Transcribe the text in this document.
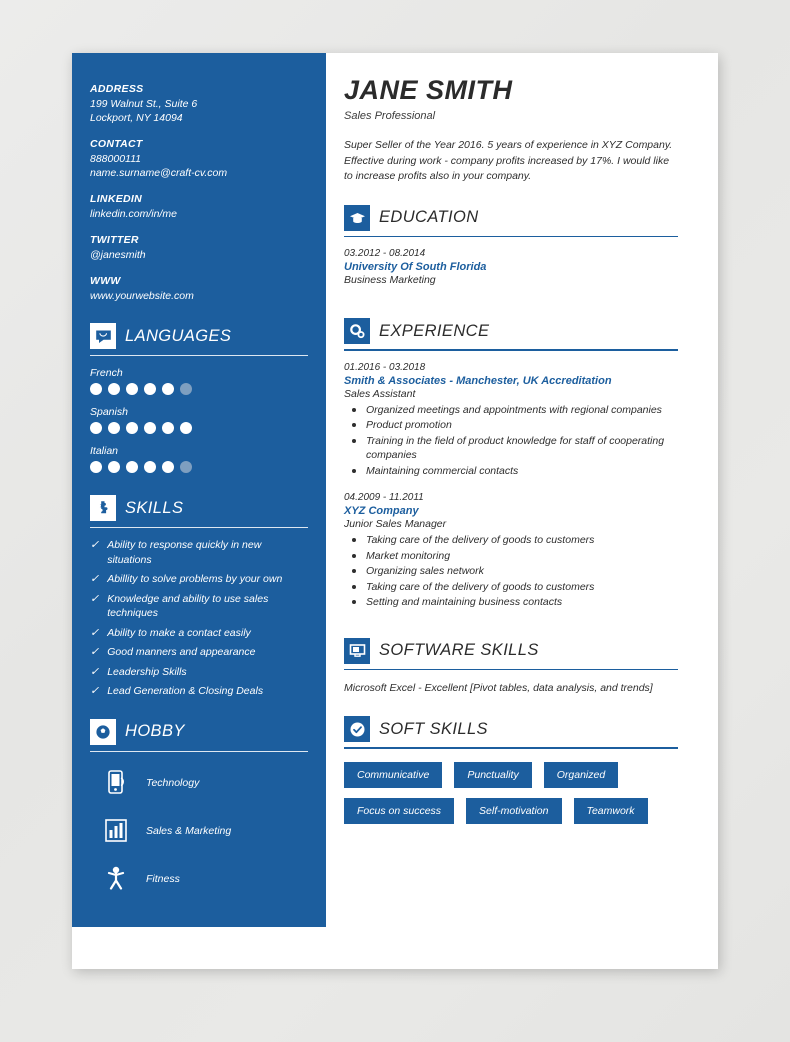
ADDRESS
199 Walnut St., Suite 6
Lockport, NY 14094
CONTACT
888000111
name.surname@craft-cv.com
LINKEDIN
linkedin.com/in/me
TWITTER
@janesmith
WWW
www.yourwebsite.com
LANGUAGES
French
Spanish
Italian
SKILLS
✓ Ability to response quickly in new situations
✓ Abillity to solve problems by your own
✓ Knowledge and ability to use sales techniques
✓ Ability to make a contact easily
✓ Good manners and appearance
✓ Leadership Skills
✓ Lead Generation & Closing Deals
HOBBY
Technology
Sales & Marketing
Fitness
JANE SMITH
Sales Professional
Super Seller of the Year 2016. 5 years of experience in XYZ Company. Effective during work - company profits increased by 17%. I would like to increase profits also in your company.
EDUCATION
03.2012 - 08.2014
University Of South Florida
Business Marketing
EXPERIENCE
01.2016 - 03.2018
Smith & Associates - Manchester, UK Accreditation
Sales Assistant
Organized meetings and appointments with regional companies
Product promotion
Training in the field of product knowledge for staff of cooperating companies
Maintaining commercial contacts
04.2009 - 11.2011
XYZ Company
Junior Sales Manager
Taking care of the delivery of goods to customers
Market monitoring
Organizing sales network
Taking care of the delivery of goods to customers
Setting and maintaining business contacts
SOFTWARE SKILLS
Microsoft Excel - Excellent [Pivot tables, data analysis, and trends]
SOFT SKILLS
Communicative	Punctuality	Organized
Focus on success	Self-motivation	Teamwork
